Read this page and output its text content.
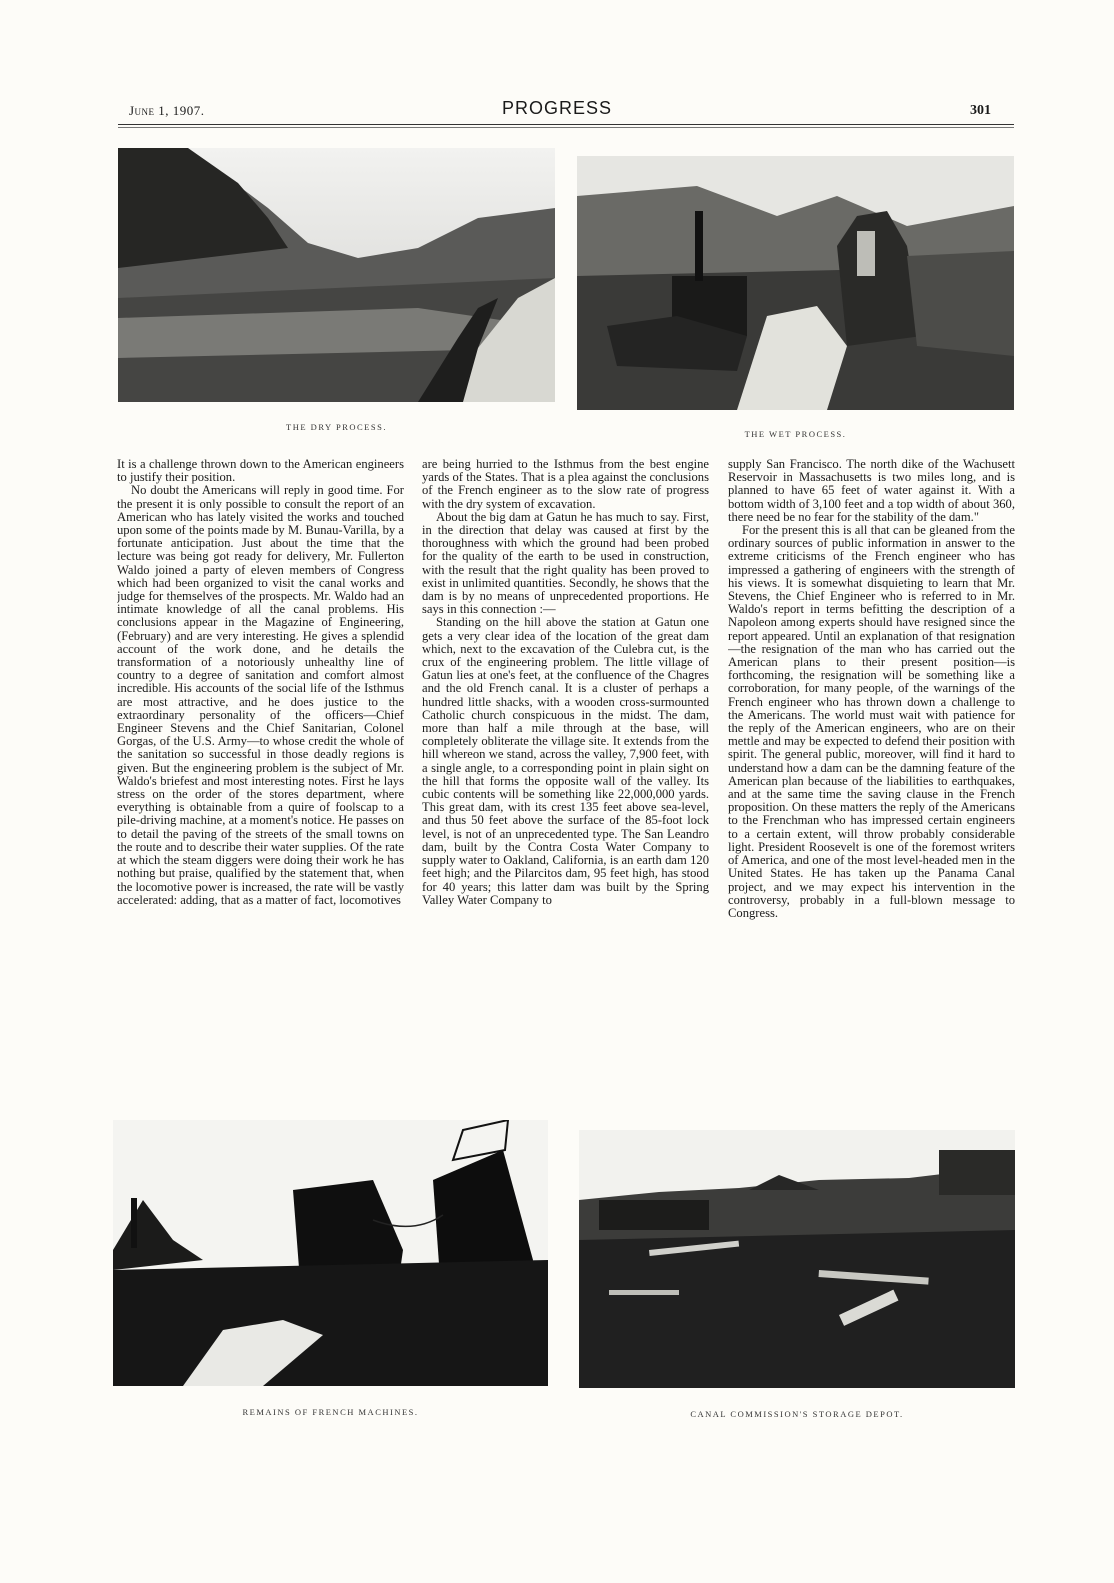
June 1, 1907.	PROGRESS	301
THE DRY PROCESS.
THE WET PROCESS.

It is a challenge thrown down to the American engineers to justify their position.

No doubt the Americans will reply in good time. For the present it is only possible to consult the report of an American who has lately visited the works and touched upon some of the points made by M. Bunau-Varilla, by a fortunate anticipation. Just about the time that the lecture was being got ready for delivery, Mr. Fullerton Waldo joined a party of eleven members of Congress which had been organized to visit the canal works and judge for themselves of the prospects. Mr. Waldo had an intimate knowledge of all the canal problems. His conclusions appear in the Magazine of Engineering, (February) and are very interesting. He gives a splendid account of the work done, and he details the transformation of a notoriously unhealthy line of country to a degree of sanitation and comfort almost incredible. His accounts of the social life of the Isthmus are most attractive, and he does justice to the extraordinary personality of the officers—Chief Engineer Stevens and the Chief Sanitarian, Colonel Gorgas, of the U.S. Army—to whose credit the whole of the sanitation so successful in those deadly regions is given. But the engineering problem is the subject of Mr. Waldo's briefest and most interesting notes. First he lays stress on the order of the stores department, where everything is obtainable from a quire of foolscap to a pile-driving machine, at a moment's notice. He passes on to detail the paving of the streets of the small towns on the route and to describe their water supplies. Of the rate at which the steam diggers were doing their work he has nothing but praise, qualified by the statement that, when the locomotive power is increased, the rate will be vastly accelerated: adding, that as a matter of fact, locomotives

are being hurried to the Isthmus from the best engine yards of the States. That is a plea against the conclusions of the French engineer as to the slow rate of progress with the dry system of excavation.

About the big dam at Gatun he has much to say. First, in the direction that delay was caused at first by the thoroughness with which the ground had been probed for the quality of the earth to be used in construction, with the result that the right quality has been proved to exist in unlimited quantities. Secondly, he shows that the dam is by no means of unprecedented proportions. He says in this connection :—

Standing on the hill above the station at Gatun one gets a very clear idea of the location of the great dam which, next to the excavation of the Culebra cut, is the crux of the engineering problem. The little village of Gatun lies at one's feet, at the confluence of the Chagres and the old French canal. It is a cluster of perhaps a hundred little shacks, with a wooden cross-surmounted Catholic church conspicuous in the midst. The dam, more than half a mile through at the base, will completely obliterate the village site. It extends from the hill whereon we stand, across the valley, 7,900 feet, with a single angle, to a corresponding point in plain sight on the hill that forms the opposite wall of the valley. Its cubic contents will be something like 22,000,000 yards. This great dam, with its crest 135 feet above sea-level, and thus 50 feet above the surface of the 85-foot lock level, is not of an unprecedented type. The San Leandro dam, built by the Contra Costa Water Company to supply water to Oakland, California, is an earth dam 120 feet high; and the Pilarcitos dam, 95 feet high, has stood for 40 years; this latter dam was built by the Spring Valley Water Company to

supply San Francisco. The north dike of the Wachusett Reservoir in Massachusetts is two miles long, and is planned to have 65 feet of water against it. With a bottom width of 3,100 feet and a top width of about 360, there need be no fear for the stability of the dam."

For the present this is all that can be gleaned from the ordinary sources of public information in answer to the extreme criticisms of the French engineer who has impressed a gathering of engineers with the strength of his views. It is somewhat disquieting to learn that Mr. Stevens, the Chief Engineer who is referred to in Mr. Waldo's report in terms befitting the description of a Napoleon among experts should have resigned since the report appeared. Until an explanation of that resignation—the resignation of the man who has carried out the American plans to their present position—is forthcoming, the resignation will be something like a corroboration, for many people, of the warnings of the French engineer who has thrown down a challenge to the Americans. The world must wait with patience for the reply of the American engineers, who are on their mettle and may be expected to defend their position with spirit. The general public, moreover, will find it hard to understand how a dam can be the damning feature of the American plan because of the liabilities to earthquakes, and at the same time the saving clause in the French proposition. On these matters the reply of the Americans to the Frenchman who has impressed certain engineers to a certain extent, will throw probably considerable light. President Roosevelt is one of the foremost writers of America, and one of the most level-headed men in the United States. He has taken up the Panama Canal project, and we may expect his intervention in the controversy, probably in a full-blown message to Congress.

REMAINS OF FRENCH MACHINES.	CANAL COMMISSION'S STORAGE DEPOT.
